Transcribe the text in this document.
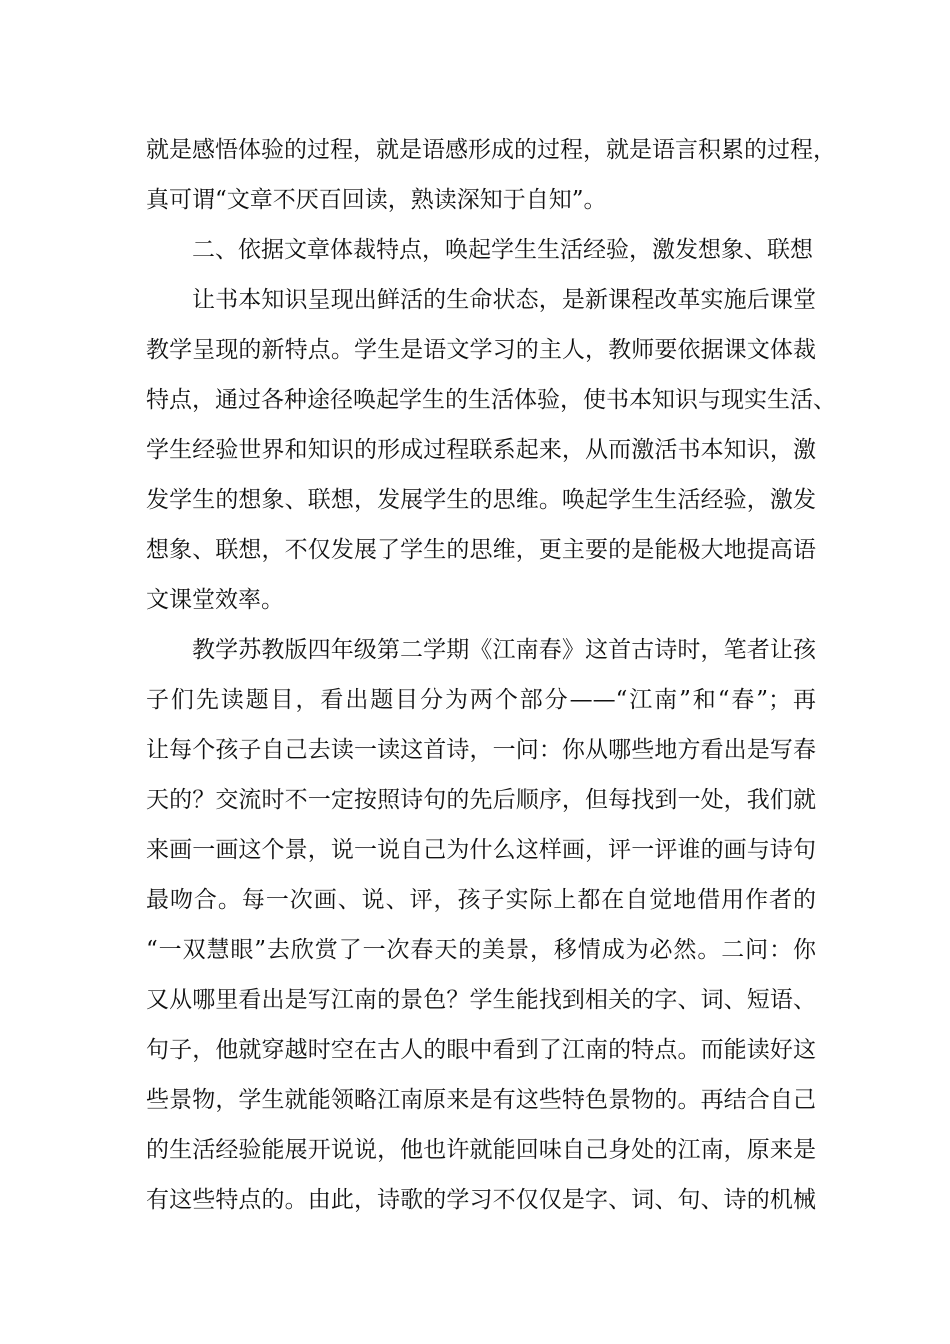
就是感悟体验的过程，就是语感形成的过程，就是语言积累的过程，
真可谓“文章不厌百回读，熟读深知于自知”。
二、依据文章体裁特点，唤起学生生活经验，激发想象、联想
让书本知识呈现出鲜活的生命状态，是新课程改革实施后课堂
教学呈现的新特点。学生是语文学习的主人，教师要依据课文体裁
特点，通过各种途径唤起学生的生活体验，使书本知识与现实生活、
学生经验世界和知识的形成过程联系起来，从而激活书本知识，激
发学生的想象、联想，发展学生的思维。唤起学生生活经验，激发
想象、联想，不仅发展了学生的思维，更主要的是能极大地提高语
文课堂效率。
教学苏教版四年级第二学期《江南春》这首古诗时，笔者让孩
子们先读题目，看出题目分为两个部分——“江南”和“春”；再
让每个孩子自己去读一读这首诗，一问：你从哪些地方看出是写春
天的？交流时不一定按照诗句的先后顺序，但每找到一处，我们就
来画一画这个景，说一说自己为什么这样画，评一评谁的画与诗句
最吻合。每一次画、说、评，孩子实际上都在自觉地借用作者的
“一双慧眼”去欣赏了一次春天的美景，移情成为必然。二问：你
又从哪里看出是写江南的景色？学生能找到相关的字、词、短语、
句子，他就穿越时空在古人的眼中看到了江南的特点。而能读好这
些景物，学生就能领略江南原来是有这些特色景物的。再结合自己
的生活经验能展开说说，他也许就能回味自己身处的江南，原来是
有这些特点的。由此，诗歌的学习不仅仅是字、词、句、诗的机械
